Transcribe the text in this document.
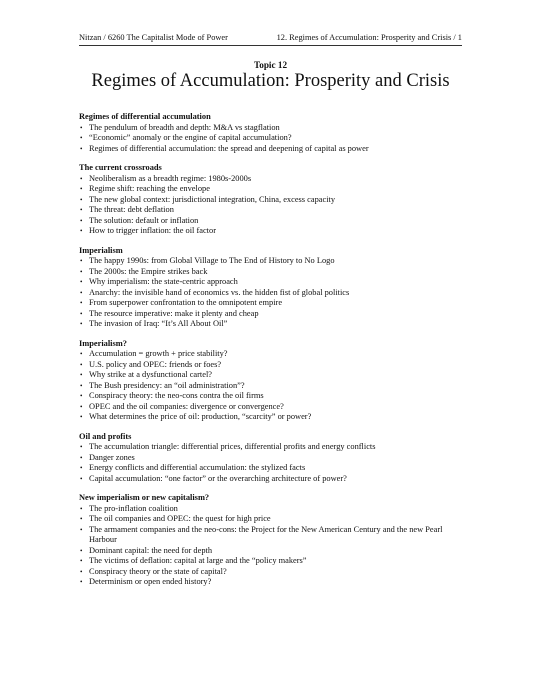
Nitzan / 6260 The Capitalist Mode of Power	12. Regimes of Accumulation: Prosperity and Crisis / 1
Topic 12
Regimes of Accumulation: Prosperity and Crisis
Regimes of differential accumulation
• The pendulum of breadth and depth: M&A vs stagflation
• “Economic” anomaly or the engine of capital accumulation?
• Regimes of differential accumulation: the spread and deepening of capital as power
The current crossroads
• Neoliberalism as a breadth regime: 1980s-2000s
• Regime shift: reaching the envelope
• The new global context: jurisdictional integration, China, excess capacity
• The threat: debt deflation
• The solution: default or inflation
• How to trigger inflation: the oil factor
Imperialism
• The happy 1990s: from Global Village to The End of History to No Logo
• The 2000s: the Empire strikes back
• Why imperialism: the state-centric approach
• Anarchy: the invisible hand of economics vs. the hidden fist of global politics
• From superpower confrontation to the omnipotent empire
• The resource imperative: make it plenty and cheap
• The invasion of Iraq: “It’s All About Oil”
Imperialism?
• Accumulation = growth + price stability?
• U.S. policy and OPEC: friends or foes?
• Why strike at a dysfunctional cartel?
• The Bush presidency: an “oil administration”?
• Conspiracy theory: the neo-cons contra the oil firms
• OPEC and the oil companies: divergence or convergence?
• What determines the price of oil: production, “scarcity” or power?
Oil and profits
• The accumulation triangle: differential prices, differential profits and energy conflicts
• Danger zones
• Energy conflicts and differential accumulation: the stylized facts
• Capital accumulation: “one factor” or the overarching architecture of power?
New imperialism or new capitalism?
• The pro-inflation coalition
• The oil companies and OPEC: the quest for high price
• The armament companies and the neo-cons: the Project for the New American Century and the new Pearl Harbour
• Dominant capital: the need for depth
• The victims of deflation: capital at large and the “policy makers”
• Conspiracy theory or the state of capital?
• Determinism or open ended history?
